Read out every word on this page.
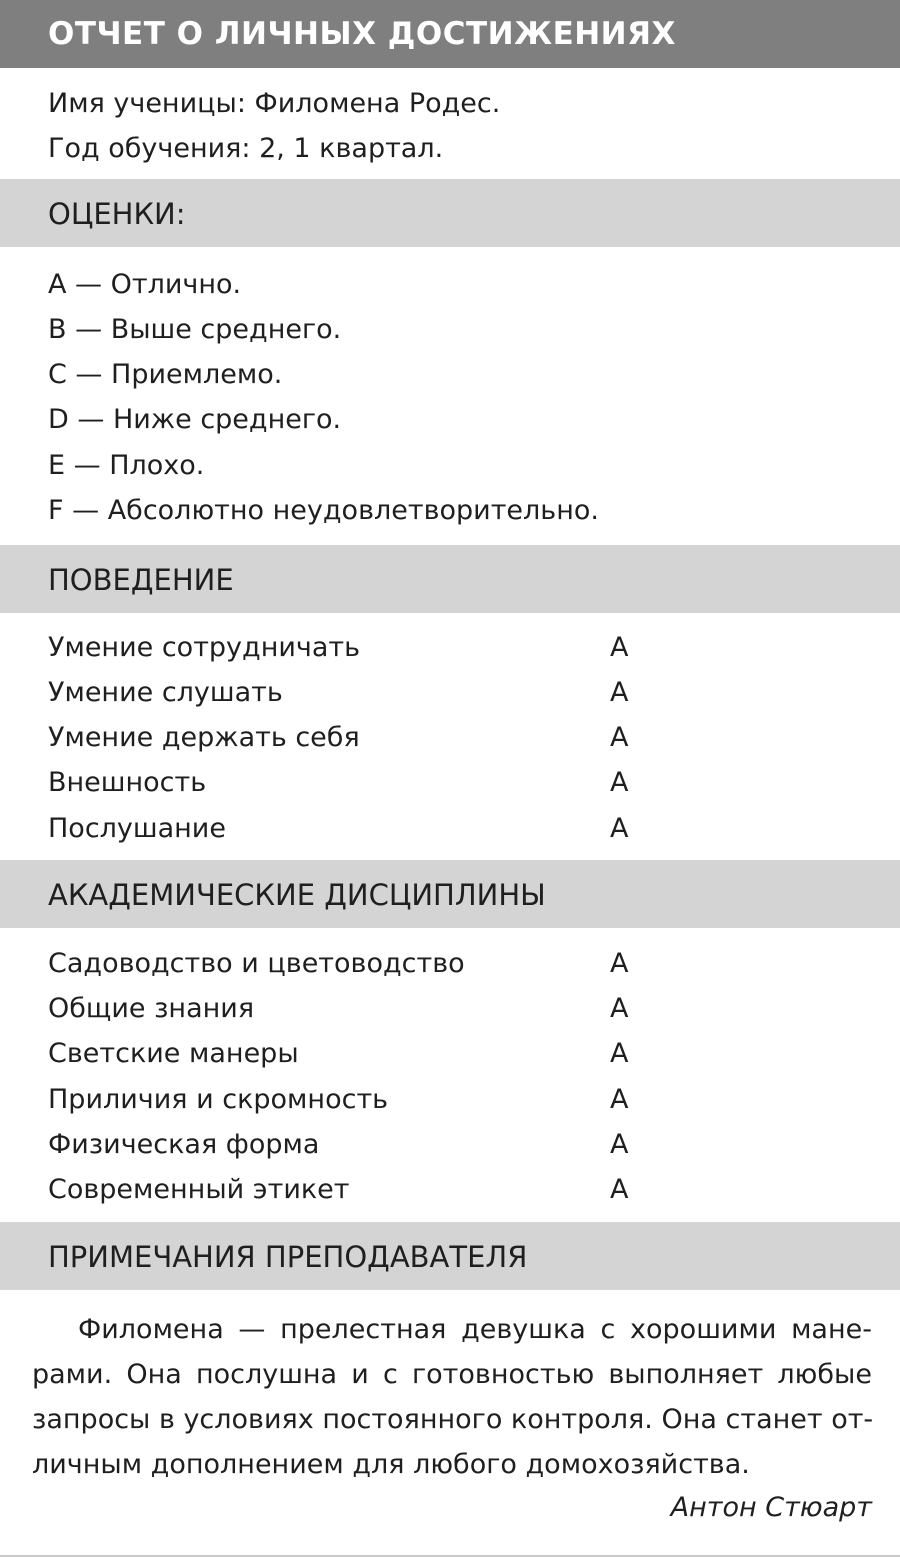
ОТЧЕТ О ЛИЧНЫХ ДОСТИЖЕНИЯХ
Имя ученицы: Филомена Родес.
Год обучения: 2, 1 квартал.
ОЦЕНКИ:
A — Отлично.
B — Выше среднего.
C — Приемлемо.
D — Ниже среднего.
E — Плохо.
F — Абсолютно неудовлетворительно.
ПОВЕДЕНИЕ
Умение сотрудничать	A
Умение слушать	A
Умение держать себя	A
Внешность	A
Послушание	A
АКАДЕМИЧЕСКИЕ ДИСЦИПЛИНЫ
Садоводство и цветоводство	A
Общие знания	A
Светские манеры	A
Приличия и скромность	A
Физическая форма	A
Современный этикет	A
ПРИМЕЧАНИЯ ПРЕПОДАВАТЕЛЯ
Филомена — прелестная девушка с хорошими мане-
рами. Она послушна и с готовностью выполняет любые
запросы в условиях постоянного контроля. Она станет от-
личным дополнением для любого домохозяйства.
Антон Стюарт
